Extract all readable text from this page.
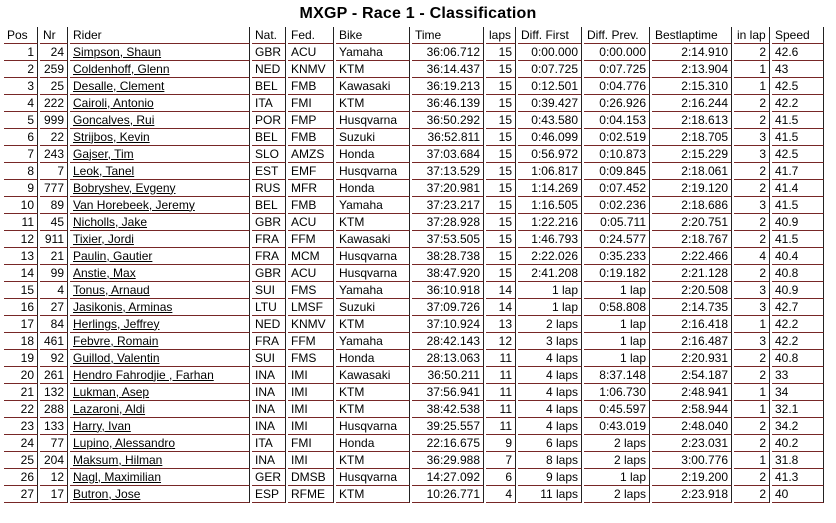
MXGP - Race 1 - Classification
Pos	Nr	Rider	Nat.	Fed.	Bike	Time	laps	Diff. First	Diff. Prev.	Bestlaptime	in lap	Speed
1	24	Simpson, Shaun	GBR	ACU	Yamaha	36:06.712	15	0:00.000	0:00.000	2:14.910	2	42.6
2	259	Coldenhoff, Glenn	NED	KNMV	KTM	36:14.437	15	0:07.725	0:07.725	2:13.904	1	43
3	25	Desalle, Clement	BEL	FMB	Kawasaki	36:19.213	15	0:12.501	0:04.776	2:15.310	1	42.5
4	222	Cairoli, Antonio	ITA	FMI	KTM	36:46.139	15	0:39.427	0:26.926	2:16.244	2	42.2
5	999	Goncalves, Rui	POR	FMP	Husqvarna	36:50.292	15	0:43.580	0:04.153	2:18.613	2	41.5
6	22	Strijbos, Kevin	BEL	FMB	Suzuki	36:52.811	15	0:46.099	0:02.519	2:18.705	3	41.5
7	243	Gajser, Tim	SLO	AMZS	Honda	37:03.684	15	0:56.972	0:10.873	2:15.229	3	42.5
8	7	Leok, Tanel	EST	EMF	Husqvarna	37:13.529	15	1:06.817	0:09.845	2:18.061	2	41.7
9	777	Bobryshev, Evgeny	RUS	MFR	Honda	37:20.981	15	1:14.269	0:07.452	2:19.120	2	41.4
10	89	Van Horebeek, Jeremy	BEL	FMB	Yamaha	37:23.217	15	1:16.505	0:02.236	2:18.686	3	41.5
11	45	Nicholls, Jake	GBR	ACU	KTM	37:28.928	15	1:22.216	0:05.711	2:20.751	2	40.9
12	911	Tixier, Jordi	FRA	FFM	Kawasaki	37:53.505	15	1:46.793	0:24.577	2:18.767	2	41.5
13	21	Paulin, Gautier	FRA	MCM	Husqvarna	38:28.738	15	2:22.026	0:35.233	2:22.466	4	40.4
14	99	Anstie, Max	GBR	ACU	Husqvarna	38:47.920	15	2:41.208	0:19.182	2:21.128	2	40.8
15	4	Tonus, Arnaud	SUI	FMS	Yamaha	36:10.918	14	1 lap	1 lap	2:20.508	3	40.9
16	27	Jasikonis, Arminas	LTU	LMSF	Suzuki	37:09.726	14	1 lap	0:58.808	2:14.735	3	42.7
17	84	Herlings, Jeffrey	NED	KNMV	KTM	37:10.924	13	2 laps	1 lap	2:16.418	1	42.2
18	461	Febvre, Romain	FRA	FFM	Yamaha	28:42.143	12	3 laps	1 lap	2:16.487	3	42.2
19	92	Guillod, Valentin	SUI	FMS	Honda	28:13.063	11	4 laps	1 lap	2:20.931	2	40.8
20	261	Hendro Fahrodjie , Farhan	INA	IMI	Kawasaki	36:50.211	11	4 laps	8:37.148	2:54.187	2	33
21	132	Lukman, Asep	INA	IMI	KTM	37:56.941	11	4 laps	1:06.730	2:48.941	1	34
22	288	Lazaroni, Aldi	INA	IMI	KTM	38:42.538	11	4 laps	0:45.597	2:58.944	1	32.1
23	133	Harry, Ivan	INA	IMI	Husqvarna	39:25.557	11	4 laps	0:43.019	2:48.040	2	34.2
24	77	Lupino, Alessandro	ITA	FMI	Honda	22:16.675	9	6 laps	2 laps	2:23.031	2	40.2
25	204	Maksum, Hilman	INA	IMI	KTM	36:29.988	7	8 laps	2 laps	3:00.776	1	31.8
26	12	Nagl, Maximilian	GER	DMSB	Husqvarna	14:27.092	6	9 laps	1 lap	2:19.200	2	41.3
27	17	Butron, Jose	ESP	RFME	KTM	10:26.771	4	11 laps	2 laps	2:23.918	2	40
